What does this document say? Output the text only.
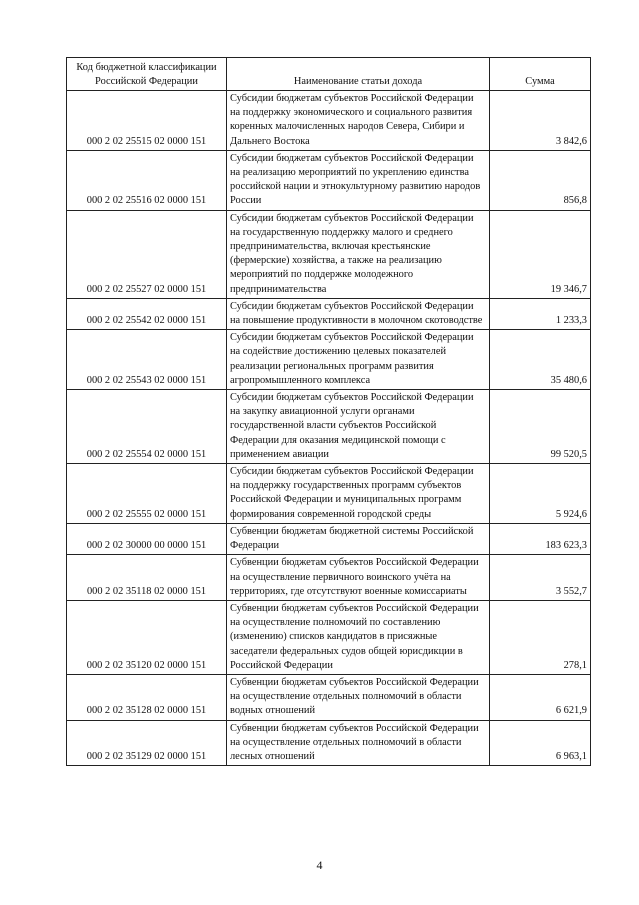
Код бюджетной классификации Российской Федерации	Наименование статьи дохода	Сумма
000 2 02 25515 02 0000 151	Субсидии бюджетам субъектов Российской Федерации на поддержку экономического и социального развития коренных малочисленных народов Севера, Сибири и Дальнего Востока	3 842,6
000 2 02 25516 02 0000 151	Субсидии бюджетам субъектов Российской Федерации на реализацию мероприятий по укреплению единства российской нации и этнокультурному развитию народов России	856,8
000 2 02 25527 02 0000 151	Субсидии бюджетам субъектов Российской Федерации на государственную поддержку малого и среднего предпринимательства, включая крестьянские (фермерские) хозяйства, а также на реализацию мероприятий по поддержке молодежного предпринимательства	19 346,7
000 2 02 25542 02 0000 151	Субсидии бюджетам субъектов Российской Федерации на повышение продуктивности в молочном скотоводстве	1 233,3
000 2 02 25543 02 0000 151	Субсидии бюджетам субъектов Российской Федерации на содействие достижению целевых показателей реализации региональных программ развития агропромышленного комплекса	35 480,6
000 2 02 25554 02 0000 151	Субсидии бюджетам субъектов Российской Федерации на закупку авиационной услуги органами государственной власти субъектов Российской Федерации для оказания медицинской помощи с применением авиации	99 520,5
000 2 02 25555 02 0000 151	Субсидии бюджетам субъектов Российской Федерации на поддержку государственных программ субъектов Российской Федерации и муниципальных программ формирования современной городской среды	5 924,6
000 2 02 30000 00 0000 151	Субвенции бюджетам бюджетной системы Российской Федерации	183 623,3
000 2 02 35118 02 0000 151	Субвенции бюджетам субъектов Российской Федерации на осуществление первичного воинского учёта на территориях, где отсутствуют военные комиссариаты	3 552,7
000 2 02 35120 02 0000 151	Субвенции бюджетам субъектов Российской Федерации на осуществление полномочий по составлению (изменению) списков кандидатов в присяжные заседатели федеральных судов общей юрисдикции в Российской Федерации	278,1
000 2 02 35128 02 0000 151	Субвенции бюджетам субъектов Российской Федерации на осуществление отдельных полномочий в области водных отношений	6 621,9
000 2 02 35129 02 0000 151	Субвенции бюджетам субъектов Российской Федерации на осуществление отдельных полномочий в области лесных отношений	6 963,1
4
